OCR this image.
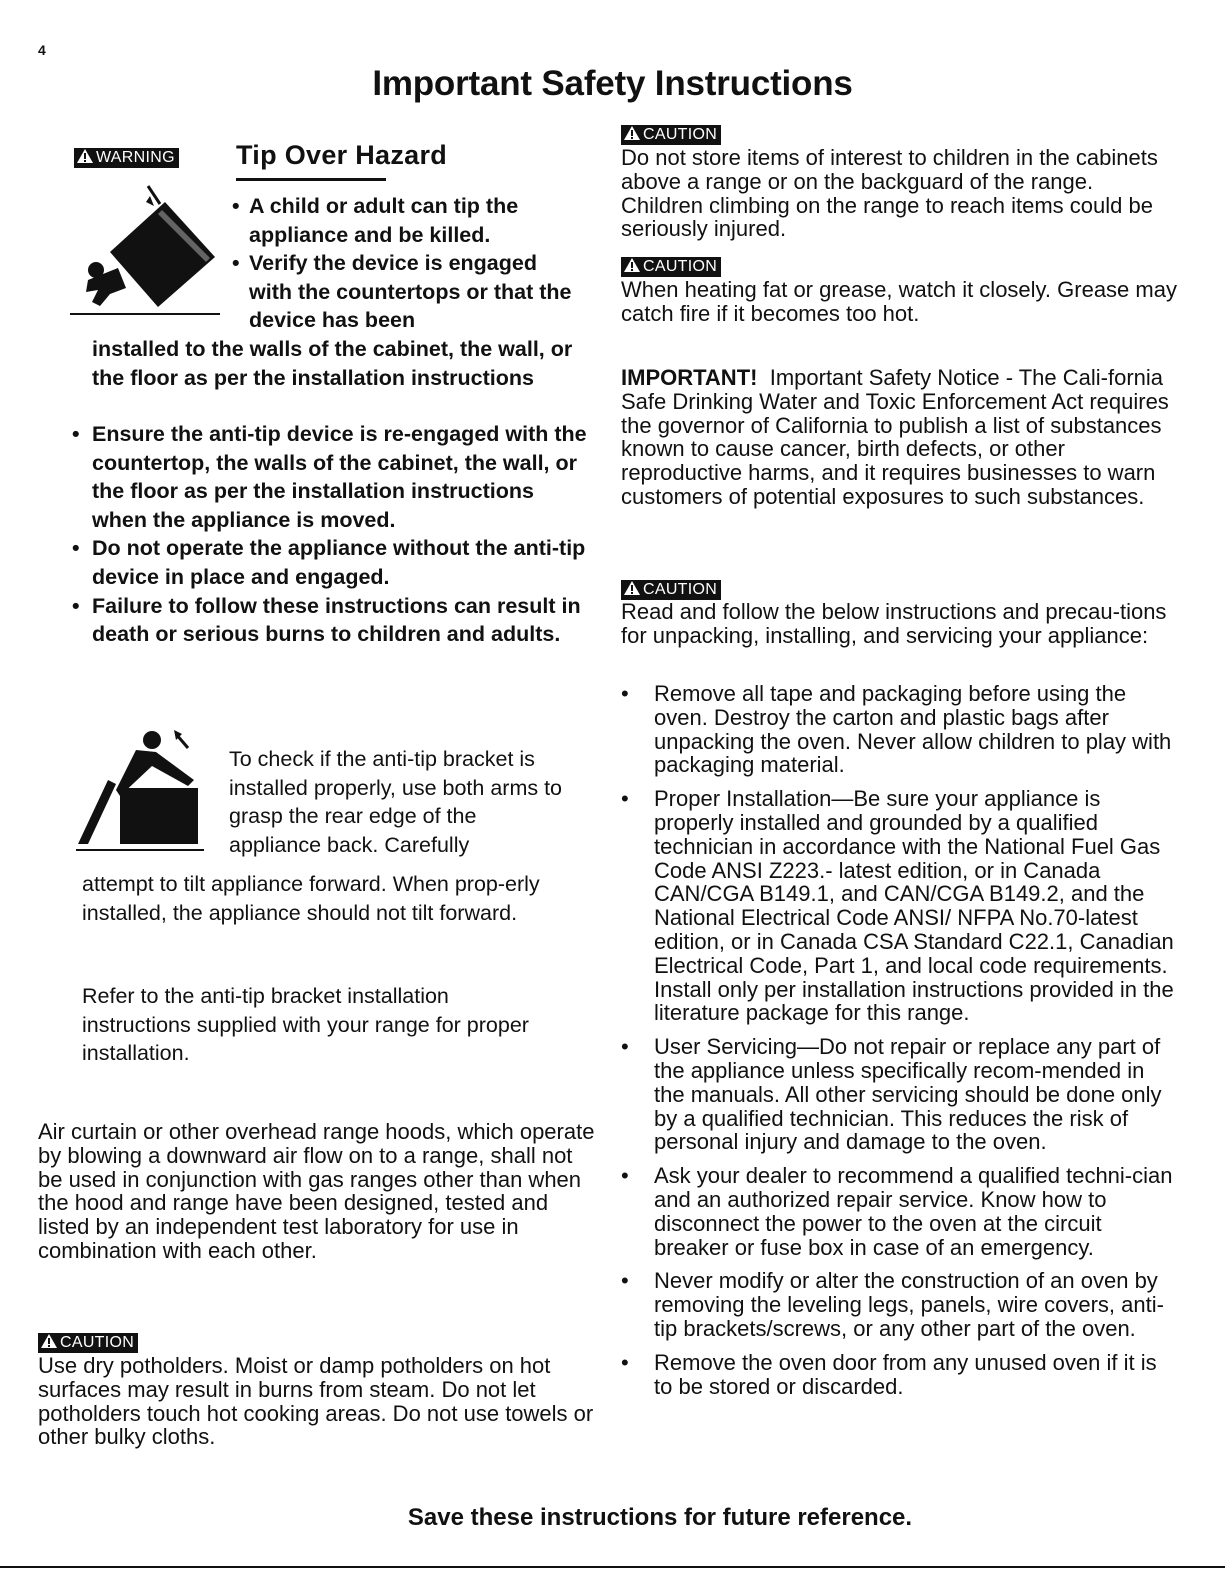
4
Important Safety Instructions
WARNING Tip Over Hazard
• A child or adult can tip the appliance and be killed.
• Verify the device is engaged with the countertops or that the device has been
installed to the walls of the cabinet, the wall, or the floor as per the installation instructions
• Ensure the anti-tip device is re-engaged with the countertop, the walls of the cabinet, the wall, or the floor as per the installation instructions when the appliance is moved.
• Do not operate the appliance without the anti-tip device in place and engaged.
• Failure to follow these instructions can result in death or serious burns to children and adults.
To check if the anti-tip bracket is installed properly, use both arms to grasp the rear edge of the appliance back. Carefully
attempt to tilt appliance forward. When prop-erly installed, the appliance should not tilt forward.
Refer to the anti-tip bracket installation instructions supplied with your range for proper installation.
Air curtain or other overhead range hoods, which operate by blowing a downward air flow on to a range, shall not be used in conjunction with gas ranges other than when the hood and range have been designed, tested and listed by an independent test laboratory for use in combination with each other.
CAUTION
Use dry potholders. Moist or damp potholders on hot surfaces may result in burns from steam. Do not let potholders touch hot cooking areas. Do not use towels or other bulky cloths.
CAUTION
Do not store items of interest to children in the cabinets above a range or on the backguard of the range. Children climbing on the range to reach items could be seriously injured.
CAUTION
When heating fat or grease, watch it closely. Grease may catch fire if it becomes too hot.
IMPORTANT! Important Safety Notice - The Cali-fornia Safe Drinking Water and Toxic Enforcement Act requires the governor of California to publish a list of substances known to cause cancer, birth defects, or other reproductive harms, and it requires businesses to warn customers of potential exposures to such substances.
CAUTION
Read and follow the below instructions and precau-tions for unpacking, installing, and servicing your appliance:
• Remove all tape and packaging before using the oven. Destroy the carton and plastic bags after unpacking the oven. Never allow children to play with packaging material.
• Proper Installation—Be sure your appliance is properly installed and grounded by a qualified technician in accordance with the National Fuel Gas Code ANSI Z223.- latest edition, or in Canada CAN/CGA B149.1, and CAN/CGA B149.2, and the National Electrical Code ANSI/ NFPA No.70-latest edition, or in Canada CSA Standard C22.1, Canadian Electrical Code, Part 1, and local code requirements. Install only per installation instructions provided in the literature package for this range.
• User Servicing—Do not repair or replace any part of the appliance unless specifically recom-mended in the manuals. All other servicing should be done only by a qualified technician. This reduces the risk of personal injury and damage to the oven.
• Ask your dealer to recommend a qualified techni-cian and an authorized repair service. Know how to disconnect the power to the oven at the circuit breaker or fuse box in case of an emergency.
• Never modify or alter the construction of an oven by removing the leveling legs, panels, wire covers, anti-tip brackets/screws, or any other part of the oven.
• Remove the oven door from any unused oven if it is to be stored or discarded.
Save these instructions for future reference.
